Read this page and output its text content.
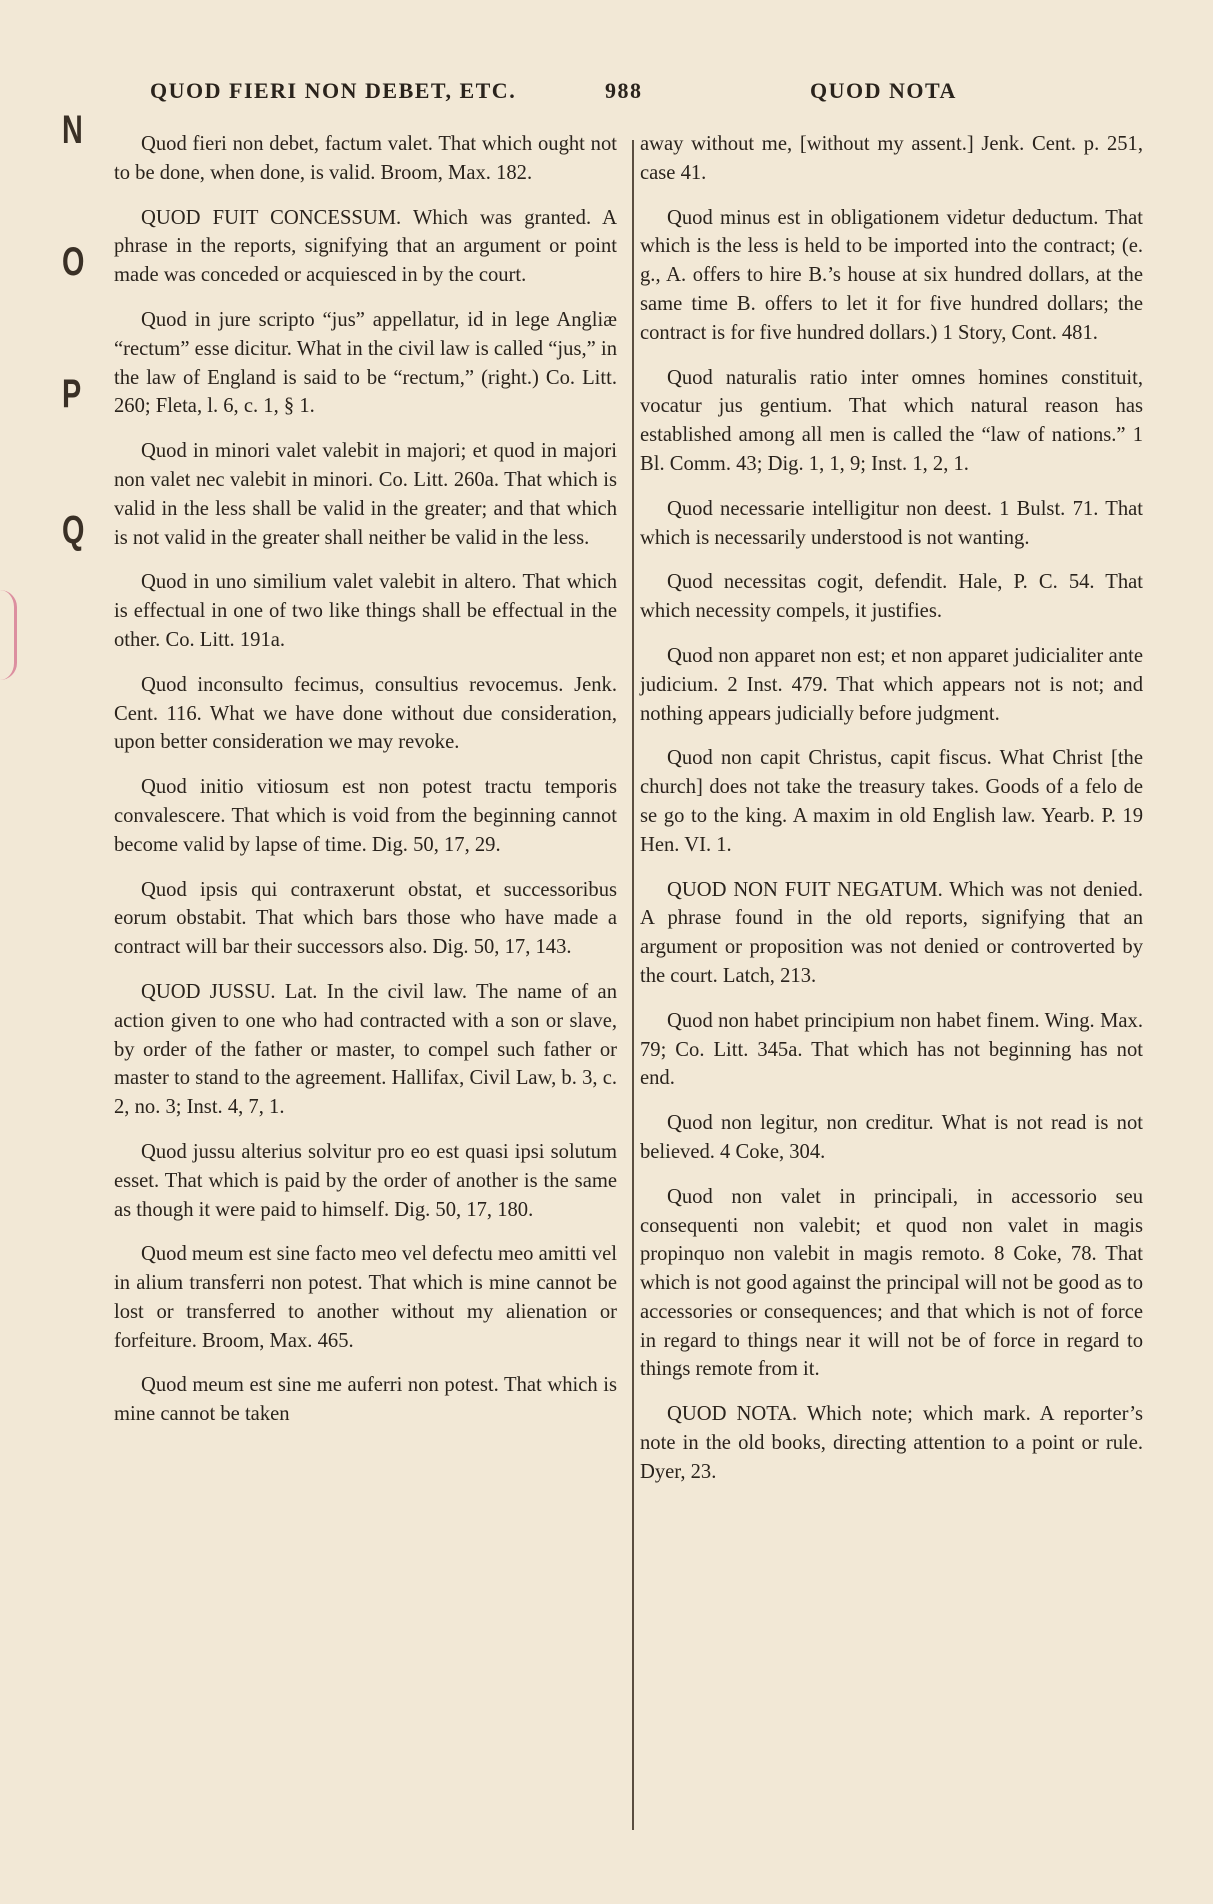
QUOD FIERI NON DEBET, ETC.	988	QUOD NOTA
N
O
P
Q

Quod fieri non debet, factum valet. That which ought not to be done, when done, is valid. Broom, Max. 182.

QUOD FUIT CONCESSUM. Which was granted. A phrase in the reports, signifying that an argument or point made was conceded or acquiesced in by the court.

Quod in jure scripto “jus” appellatur, id in lege Angliæ “rectum” esse dicitur. What in the civil law is called “jus,” in the law of England is said to be “rectum,” (right.) Co. Litt. 260; Fleta, l. 6, c. 1, § 1.

Quod in minori valet valebit in majori; et quod in majori non valet nec valebit in minori. Co. Litt. 260a. That which is valid in the less shall be valid in the greater; and that which is not valid in the greater shall neither be valid in the less.

Quod in uno similium valet valebit in altero. That which is effectual in one of two like things shall be effectual in the other. Co. Litt. 191a.

Quod inconsulto fecimus, consultius revocemus. Jenk. Cent. 116. What we have done without due consideration, upon better consideration we may revoke.

Quod initio vitiosum est non potest tractu temporis convalescere. That which is void from the beginning cannot become valid by lapse of time. Dig. 50, 17, 29.

Quod ipsis qui contraxerunt obstat, et successoribus eorum obstabit. That which bars those who have made a contract will bar their successors also. Dig. 50, 17, 143.

QUOD JUSSU. Lat. In the civil law. The name of an action given to one who had contracted with a son or slave, by order of the father or master, to compel such father or master to stand to the agreement. Hallifax, Civil Law, b. 3, c. 2, no. 3; Inst. 4, 7, 1.

Quod jussu alterius solvitur pro eo est quasi ipsi solutum esset. That which is paid by the order of another is the same as though it were paid to himself. Dig. 50, 17, 180.

Quod meum est sine facto meo vel defectu meo amitti vel in alium transferri non potest. That which is mine cannot be lost or transferred to another without my alienation or forfeiture. Broom, Max. 465.

Quod meum est sine me auferri non potest. That which is mine cannot be taken

away without me, [without my assent.] Jenk. Cent. p. 251, case 41.

Quod minus est in obligationem videtur deductum. That which is the less is held to be imported into the contract; (e. g., A. offers to hire B.’s house at six hundred dollars, at the same time B. offers to let it for five hundred dollars; the contract is for five hundred dollars.) 1 Story, Cont. 481.

Quod naturalis ratio inter omnes homines constituit, vocatur jus gentium. That which natural reason has established among all men is called the “law of nations.” 1 Bl. Comm. 43; Dig. 1, 1, 9; Inst. 1, 2, 1.

Quod necessarie intelligitur non deest. 1 Bulst. 71. That which is necessarily understood is not wanting.

Quod necessitas cogit, defendit. Hale, P. C. 54. That which necessity compels, it justifies.

Quod non apparet non est; et non apparet judicialiter ante judicium. 2 Inst. 479. That which appears not is not; and nothing appears judicially before judgment.

Quod non capit Christus, capit fiscus. What Christ [the church] does not take the treasury takes. Goods of a felo de se go to the king. A maxim in old English law. Yearb. P. 19 Hen. VI. 1.

QUOD NON FUIT NEGATUM. Which was not denied. A phrase found in the old reports, signifying that an argument or proposition was not denied or controverted by the court. Latch, 213.

Quod non habet principium non habet finem. Wing. Max. 79; Co. Litt. 345a. That which has not beginning has not end.

Quod non legitur, non creditur. What is not read is not believed. 4 Coke, 304.

Quod non valet in principali, in accessorio seu consequenti non valebit; et quod non valet in magis propinquo non valebit in magis remoto. 8 Coke, 78. That which is not good against the principal will not be good as to accessories or consequences; and that which is not of force in regard to things near it will not be of force in regard to things remote from it.

QUOD NOTA. Which note; which mark. A reporter’s note in the old books, directing attention to a point or rule. Dyer, 23.
